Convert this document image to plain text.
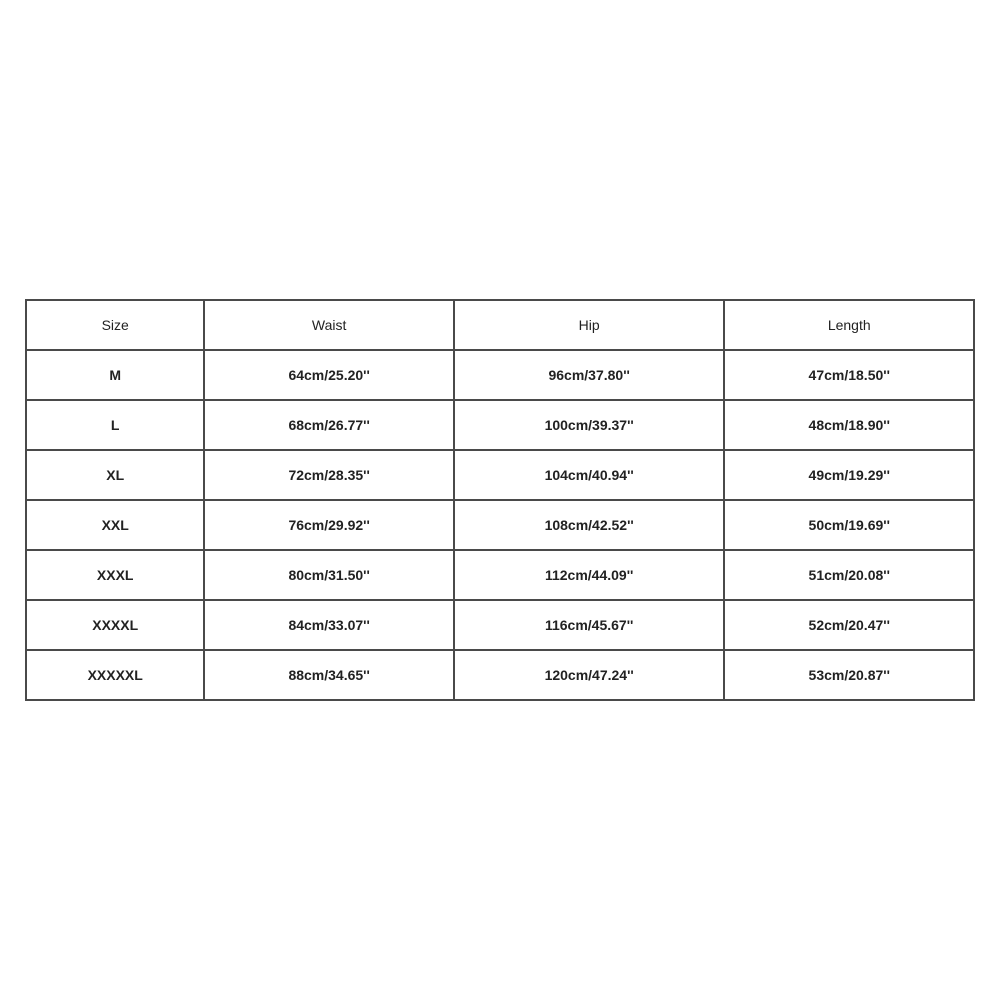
Size	Waist	Hip	Length
M	64cm/25.20''	96cm/37.80''	47cm/18.50''
L	68cm/26.77''	100cm/39.37''	48cm/18.90''
XL	72cm/28.35''	104cm/40.94''	49cm/19.29''
XXL	76cm/29.92''	108cm/42.52''	50cm/19.69''
XXXL	80cm/31.50''	112cm/44.09''	51cm/20.08''
XXXXL	84cm/33.07''	116cm/45.67''	52cm/20.47''
XXXXXL	88cm/34.65''	120cm/47.24''	53cm/20.87''
